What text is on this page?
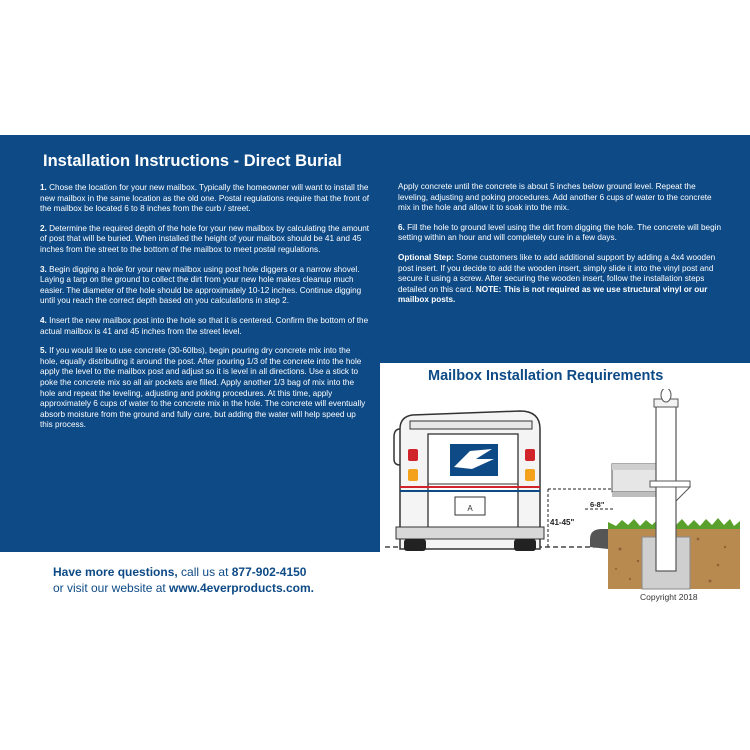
Installation Instructions - Direct Burial

1. Chose the location for your new mailbox. Typically the homeowner will want to install the new mailbox in the same location as the old one. Postal regulations require that the front of the mailbox be located 6 to 8 inches from the curb / street.

2. Determine the required depth of the hole for your new mailbox by calculating the amount of post that will be buried. When installed the height of your mailbox should be 41 and 45 inches from the street to the bottom of the mailbox to meet postal regulations.

3. Begin digging a hole for your new mailbox using post hole diggers or a narrow shovel. Laying a tarp on the ground to collect the dirt from your new hole makes cleanup much easier. The diameter of the hole should be approximately 10-12 inches. Continue digging until you reach the correct depth based on you calculations in step 2.

4. Insert the new mailbox post into the hole so that it is centered. Confirm the bottom of the actual mailbox is 41 and 45 inches from the street level.

5. If you would like to use concrete (30-60lbs), begin pouring dry concrete mix into the hole, equally distributing it around the post. After pouring 1/3 of the concrete into the hole apply the level to the mailbox post and adjust so it is level in all directions. Use a stick to poke the concrete mix so all air pockets are filled. Apply another 1/3 bag of mix into the hole and repeat the leveling, adjusting and poking procedures. At this time, apply approximately 6 cups of water to the concrete mix in the hole. The concrete will eventually absorb moisture from the ground and fully cure, but adding the water will help speed up this process.

Apply concrete until the concrete is about 5 inches below ground level. Repeat the leveling, adjusting and poking procedures. Add another 6 cups of water to the concrete mix in the hole and allow it to soak into the mix.

6. Fill the hole to ground level using the dirt from digging the hole. The concrete will begin setting within an hour and will completely cure in a few days.

Optional Step: Some customers like to add additional support by adding a 4x4 wooden post insert. If you decide to add the wooden insert, simply slide it into the vinyl post and secure it using a screw. After securing the wooden insert, follow the installation steps detailed on this card. NOTE: This is not required as we use structural vinyl or our mailbox posts.

Mailbox Installation Requirements
A
41-45"
6-8"
Have more questions, call us at 877-902-4150
or visit our website at www.4everproducts.com.
Copyright 2018
